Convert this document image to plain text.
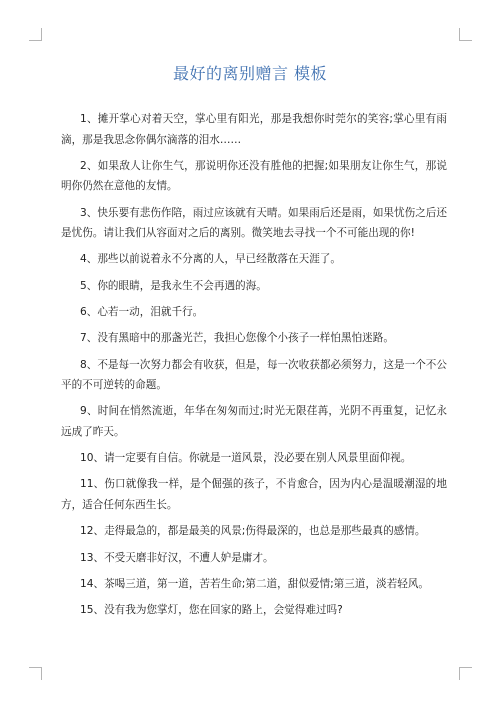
最好的离别赠言 模板

1、摊开掌心对着天空，掌心里有阳光，那是我想你时莞尔的笑容;掌心里有雨滴，那是我思念你偶尔滴落的泪水……

2、如果敌人让你生气，那说明你还没有胜他的把握;如果朋友让你生气，那说明你仍然在意他的友情。

3、快乐要有悲伤作陪，雨过应该就有天晴。如果雨后还是雨，如果忧伤之后还是忧伤。请让我们从容面对之后的离别。微笑地去寻找一个不可能出现的你!

4、那些以前说着永不分离的人，早已经散落在天涯了。

5、你的眼睛，是我永生不会再遇的海。

6、心若一动，泪就千行。

7、没有黑暗中的那盏光芒，我担心您像个小孩子一样怕黑怕迷路。

8、不是每一次努力都会有收获，但是，每一次收获都必须努力，这是一个不公平的不可逆转的命题。

9、时间在悄然流逝，年华在匆匆而过;时光无限荏苒，光阴不再重复，记忆永远成了昨天。

10、请一定要有自信。你就是一道风景，没必要在别人风景里面仰视。

11、伤口就像我一样，是个倔强的孩子，不肯愈合，因为内心是温暖潮湿的地方，适合任何东西生长。

12、走得最急的，都是最美的风景;伤得最深的，也总是那些最真的感情。

13、不受天磨非好汉，不遭人妒是庸才。

14、茶喝三道，第一道，苦若生命;第二道，甜似爱情;第三道，淡若轻风。

15、没有我为您掌灯，您在回家的路上，会觉得难过吗?
